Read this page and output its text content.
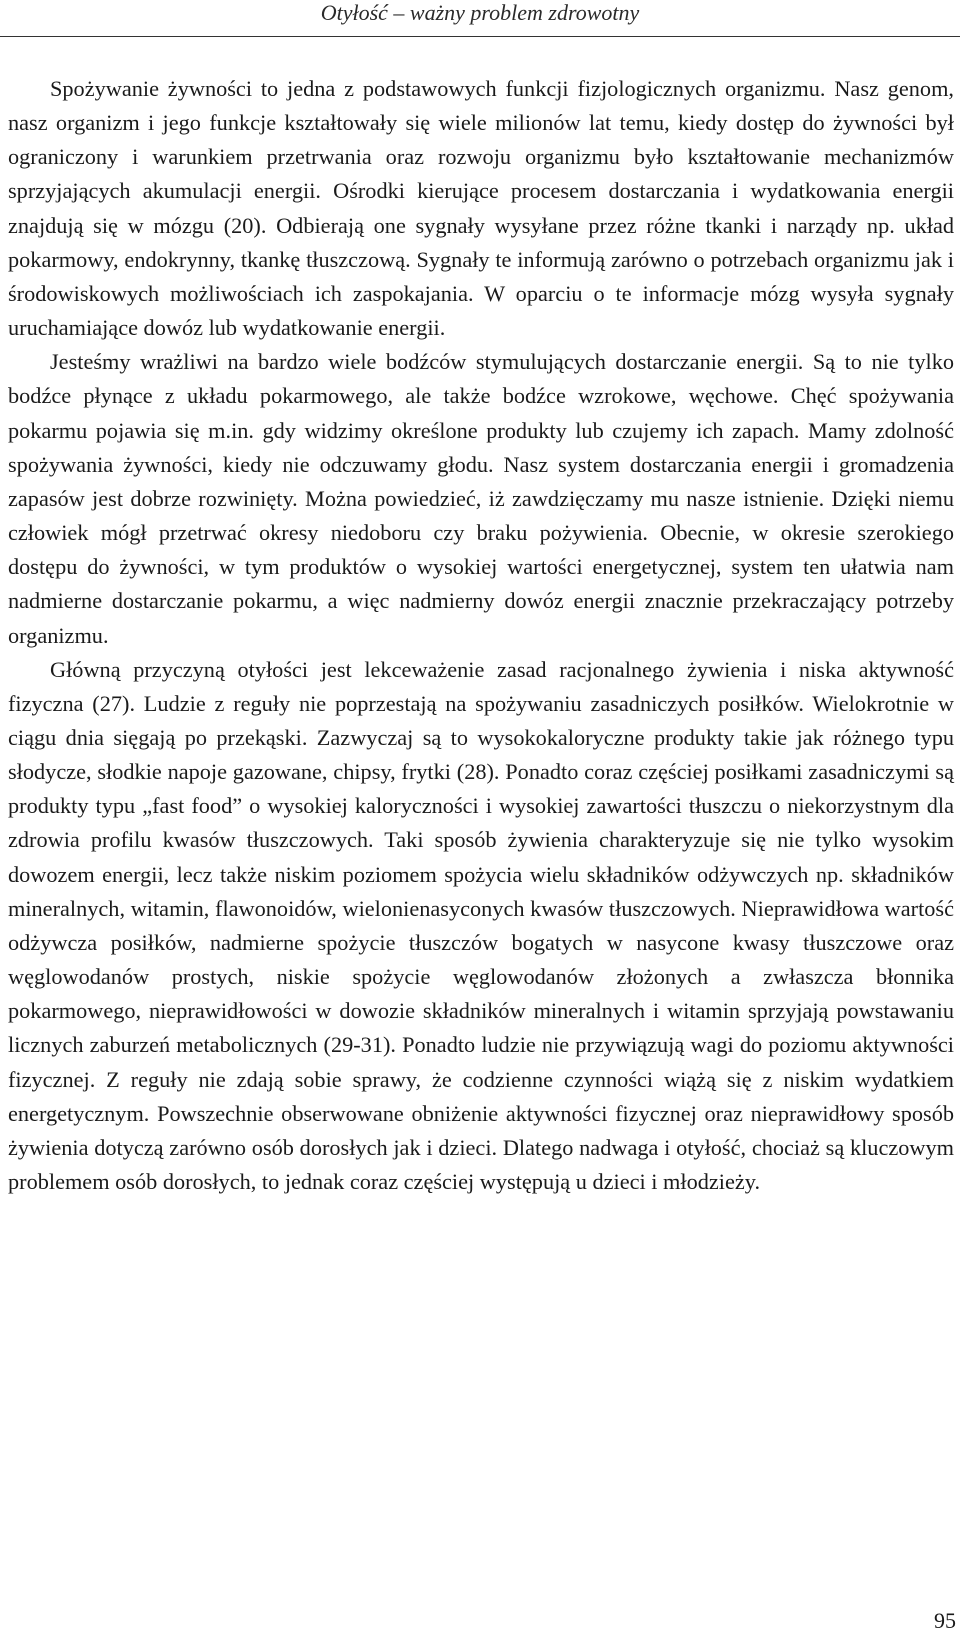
Otyłość – ważny problem zdrowotny

Spożywanie żywności to jedna z podstawowych funkcji fizjologicznych organizmu. Nasz genom, nasz organizm i jego funkcje kształtowały się wiele milionów lat temu, kiedy dostęp do żywności był ograniczony i warunkiem przetrwania oraz rozwoju organizmu było kształtowanie mechanizmów sprzyjających akumulacji energii. Ośrodki kierujące procesem dostarczania i wydatkowania energii znajdują się w mózgu (20). Odbierają one sygnały wysyłane przez różne tkanki i narządy np. układ pokarmowy, endokrynny, tkankę tłuszczową. Sygnały te informują zarówno o potrzebach organizmu jak i środowiskowych możliwościach ich zaspokajania. W oparciu o te informacje mózg wysyła sygnały uruchamiające dowóz lub wydatkowanie energii.

Jesteśmy wrażliwi na bardzo wiele bodźców stymulujących dostarczanie energii. Są to nie tylko bodźce płynące z układu pokarmowego, ale także bodźce wzrokowe, węchowe. Chęć spożywania pokarmu pojawia się m.in. gdy widzimy określone produkty lub czujemy ich zapach. Mamy zdolność spożywania żywności, kiedy nie odczuwamy głodu. Nasz system dostarczania energii i gromadzenia zapasów jest dobrze rozwinięty. Można powiedzieć, iż zawdzięczamy mu nasze istnienie. Dzięki niemu człowiek mógł przetrwać okresy niedoboru czy braku pożywienia. Obecnie, w okresie szerokiego dostępu do żywności, w tym produktów o wysokiej wartości energetycznej, system ten ułatwia nam nadmierne dostarczanie pokarmu, a więc nadmierny dowóz energii znacznie przekraczający potrzeby organizmu.

Główną przyczyną otyłości jest lekceważenie zasad racjonalnego żywienia i niska aktywność fizyczna (27). Ludzie z reguły nie poprzestają na spożywaniu zasadniczych posiłków. Wielokrotnie w ciągu dnia sięgają po przekąski. Zazwyczaj są to wysokokaloryczne produkty takie jak różnego typu słodycze, słodkie napoje gazowane, chipsy, frytki (28). Ponadto coraz częściej posiłkami zasadniczymi są produkty typu „fast food” o wysokiej kaloryczności i wysokiej zawartości tłuszczu o niekorzystnym dla zdrowia profilu kwasów tłuszczowych. Taki sposób żywienia charakteryzuje się nie tylko wysokim dowozem energii, lecz także niskim poziomem spożycia wielu składników odżywczych np. składników mineralnych, witamin, flawonoidów, wielonienasyconych kwasów tłuszczowych. Nieprawidłowa wartość odżywcza posiłków, nadmierne spożycie tłuszczów bogatych w nasycone kwasy tłuszczowe oraz węglowodanów prostych, niskie spożycie węglowodanów złożonych a zwłaszcza błonnika pokarmowego, nieprawidłowości w dowozie składników mineralnych i witamin sprzyjają powstawaniu licznych zaburzeń metabolicznych (29-31). Ponadto ludzie nie przywiązują wagi do poziomu aktywności fizycznej. Z reguły nie zdają sobie sprawy, że codzienne czynności wiążą się z niskim wydatkiem energetycznym. Powszechnie obserwowane obniżenie aktywności fizycznej oraz nieprawidłowy sposób żywienia dotyczą zarówno osób dorosłych jak i dzieci. Dlatego nadwaga i otyłość, chociaż są kluczowym problemem osób dorosłych, to jednak coraz częściej występują u dzieci i młodzieży.

95
